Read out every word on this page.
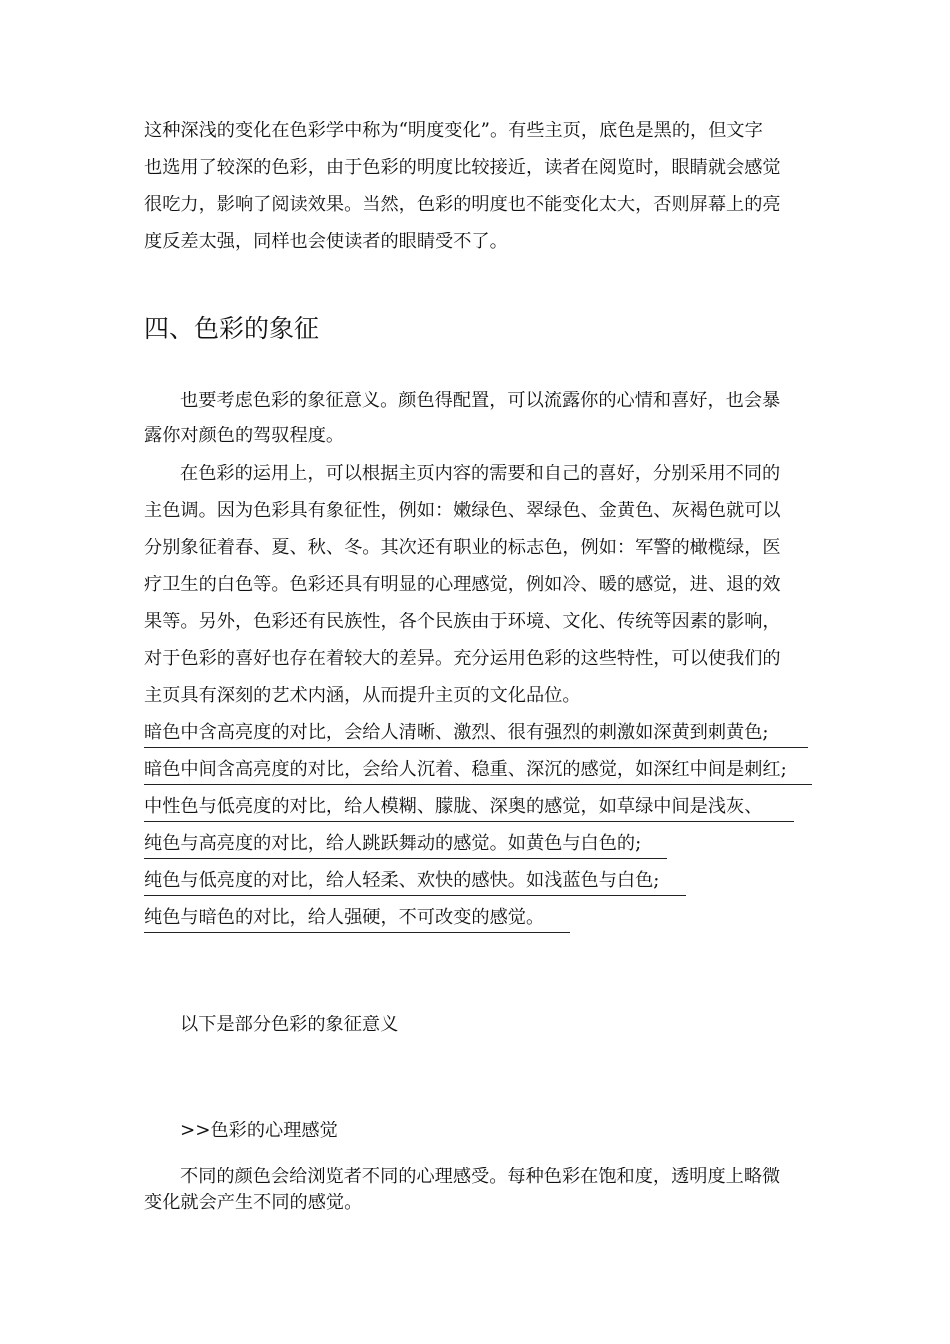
这种深浅的变化在色彩学中称为“明度变化”。有些主页，底色是黑的，但文字
也选用了较深的色彩，由于色彩的明度比较接近，读者在阅览时，眼睛就会感觉
很吃力，影响了阅读效果。当然，色彩的明度也不能变化太大，否则屏幕上的亮
度反差太强，同样也会使读者的眼睛受不了。
四、色彩的象征
也要考虑色彩的象征意义。颜色得配置，可以流露你的心情和喜好，也会暴
露你对颜色的驾驭程度。
在色彩的运用上，可以根据主页内容的需要和自己的喜好，分别采用不同的
主色调。因为色彩具有象征性，例如：嫩绿色、翠绿色、金黄色、灰褐色就可以
分别象征着春、夏、秋、冬。其次还有职业的标志色，例如：军警的橄榄绿，医
疗卫生的白色等。色彩还具有明显的心理感觉，例如冷、暖的感觉，进、退的效
果等。另外，色彩还有民族性，各个民族由于环境、文化、传统等因素的影响，
对于色彩的喜好也存在着较大的差异。充分运用色彩的这些特性，可以使我们的
主页具有深刻的艺术内涵，从而提升主页的文化品位。
暗色中含高亮度的对比，会给人清晰、激烈、很有强烈的刺激如深黄到刺黄色;
暗色中间含高亮度的对比，会给人沉着、稳重、深沉的感觉，如深红中间是刺红;
中性色与低亮度的对比，给人模糊、朦胧、深奥的感觉，如草绿中间是浅灰、
纯色与高亮度的对比，给人跳跃舞动的感觉。如黄色与白色的;
纯色与低亮度的对比，给人轻柔、欢快的感快。如浅蓝色与白色;
纯色与暗色的对比，给人强硬，不可改变的感觉。
以下是部分色彩的象征意义
>>色彩的心理感觉
不同的颜色会给浏览者不同的心理感受。每种色彩在饱和度，透明度上略微
变化就会产生不同的感觉。
